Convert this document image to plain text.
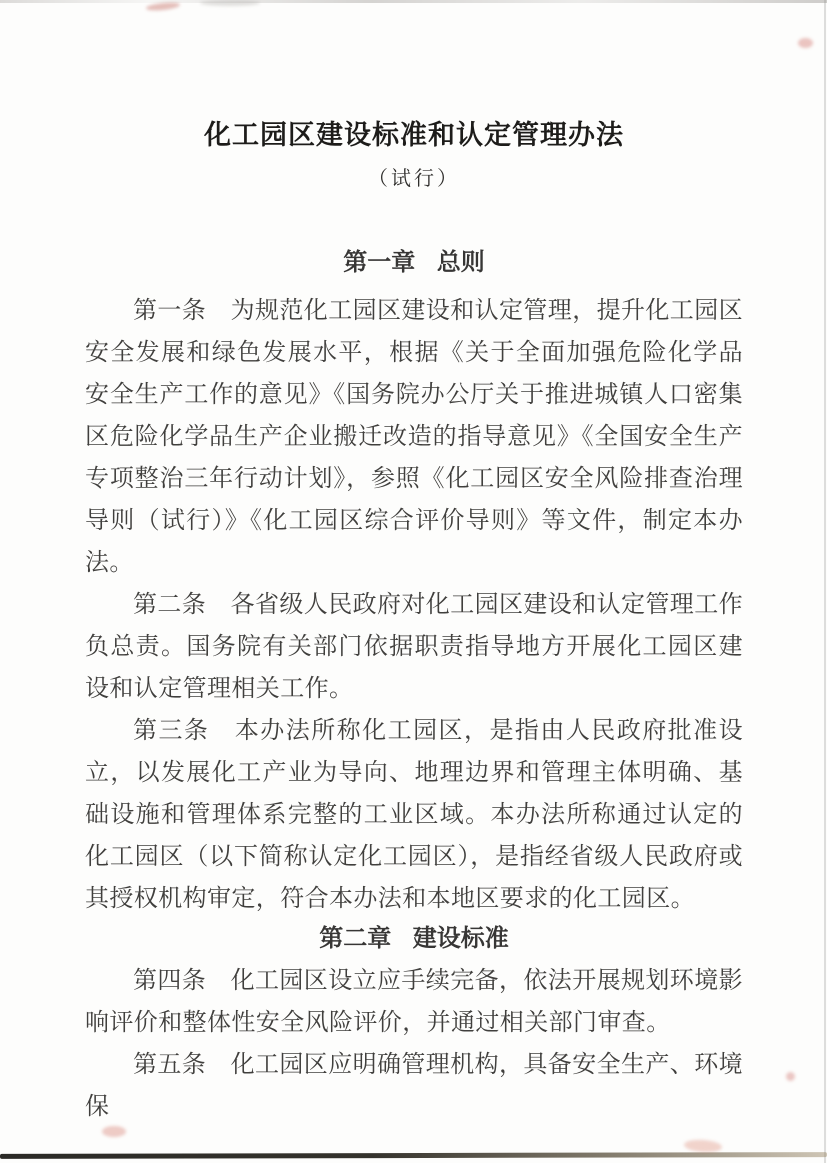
化工园区建设标准和认定管理办法
（试行）
第一章 总则

第一条　为规范化工园区建设和认定管理，提升化工园区安全发展和绿色发展水平，根据《关于全面加强危险化学品安全生产工作的意见》《国务院办公厅关于推进城镇人口密集区危险化学品生产企业搬迁改造的指导意见》《全国安全生产专项整治三年行动计划》，参照《化工园区安全风险排查治理导则（试行）》《化工园区综合评价导则》等文件，制定本办法。

第二条　各省级人民政府对化工园区建设和认定管理工作负总责。国务院有关部门依据职责指导地方开展化工园区建设和认定管理相关工作。

第三条　本办法所称化工园区，是指由人民政府批准设立，以发展化工产业为导向、地理边界和管理主体明确、基础设施和管理体系完整的工业区域。本办法所称通过认定的化工园区（以下简称认定化工园区），是指经省级人民政府或其授权机构审定，符合本办法和本地区要求的化工园区。

第二章 建设标准

第四条　化工园区设立应手续完备，依法开展规划环境影响评价和整体性安全风险评价，并通过相关部门审查。

第五条　化工园区应明确管理机构，具备安全生产、环境保
